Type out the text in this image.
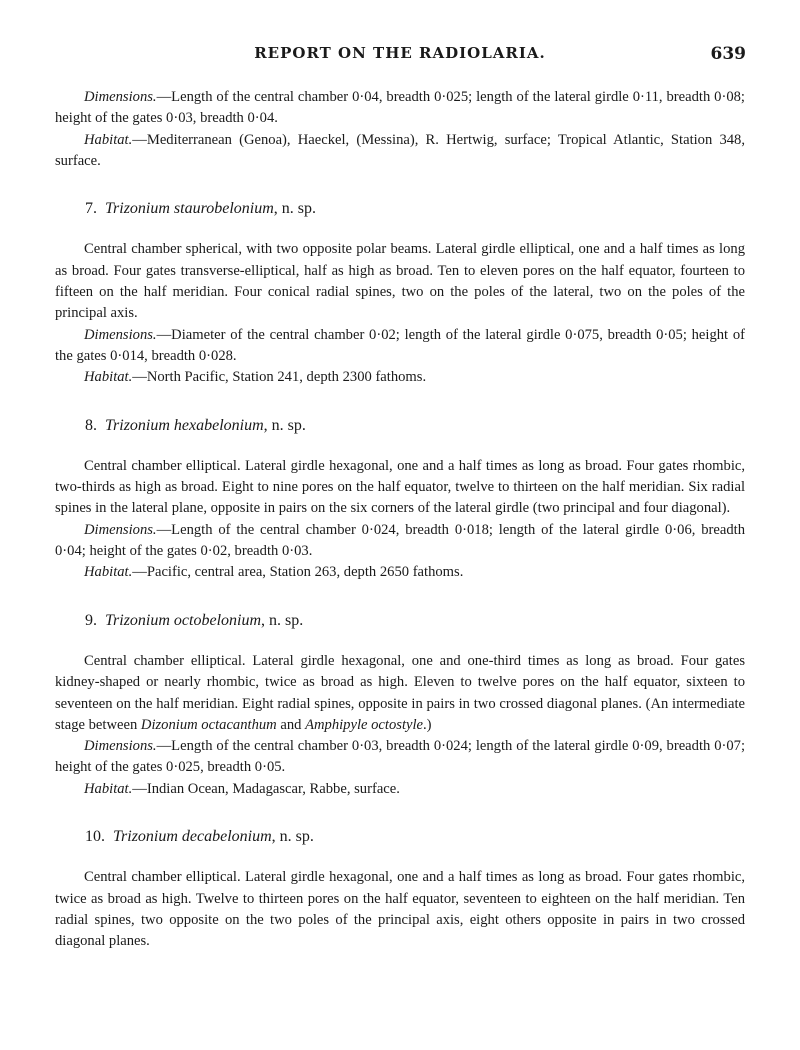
REPORT ON THE RADIOLARIA.	639

Dimensions.—Length of the central chamber 0·04, breadth 0·025; length of the lateral girdle 0·11, breadth 0·08; height of the gates 0·03, breadth 0·04.

Habitat.—Mediterranean (Genoa), Haeckel, (Messina), R. Hertwig, surface; Tropical Atlantic, Station 348, surface.

7. Trizonium staurobelonium, n. sp.

Central chamber spherical, with two opposite polar beams. Lateral girdle elliptical, one and a half times as long as broad. Four gates transverse-elliptical, half as high as broad. Ten to eleven pores on the half equator, fourteen to fifteen on the half meridian. Four conical radial spines, two on the poles of the lateral, two on the poles of the principal axis.

Dimensions.—Diameter of the central chamber 0·02; length of the lateral girdle 0·075, breadth 0·05; height of the gates 0·014, breadth 0·028.

Habitat.—North Pacific, Station 241, depth 2300 fathoms.

8. Trizonium hexabelonium, n. sp.

Central chamber elliptical. Lateral girdle hexagonal, one and a half times as long as broad. Four gates rhombic, two-thirds as high as broad. Eight to nine pores on the half equator, twelve to thirteen on the half meridian. Six radial spines in the lateral plane, opposite in pairs on the six corners of the lateral girdle (two principal and four diagonal).

Dimensions.—Length of the central chamber 0·024, breadth 0·018; length of the lateral girdle 0·06, breadth 0·04; height of the gates 0·02, breadth 0·03.

Habitat.—Pacific, central area, Station 263, depth 2650 fathoms.

9. Trizonium octobelonium, n. sp.

Central chamber elliptical. Lateral girdle hexagonal, one and one-third times as long as broad. Four gates kidney-shaped or nearly rhombic, twice as broad as high. Eleven to twelve pores on the half equator, sixteen to seventeen on the half meridian. Eight radial spines, opposite in pairs in two crossed diagonal planes. (An intermediate stage between Dizonium octacanthum and Amphipyle octostyle.)

Dimensions.—Length of the central chamber 0·03, breadth 0·024; length of the lateral girdle 0·09, breadth 0·07; height of the gates 0·025, breadth 0·05.

Habitat.—Indian Ocean, Madagascar, Rabbe, surface.

10. Trizonium decabelonium, n. sp.

Central chamber elliptical. Lateral girdle hexagonal, one and a half times as long as broad. Four gates rhombic, twice as broad as high. Twelve to thirteen pores on the half equator, seventeen to eighteen on the half meridian. Ten radial spines, two opposite on the two poles of the principal axis, eight others opposite in pairs in two crossed diagonal planes.
